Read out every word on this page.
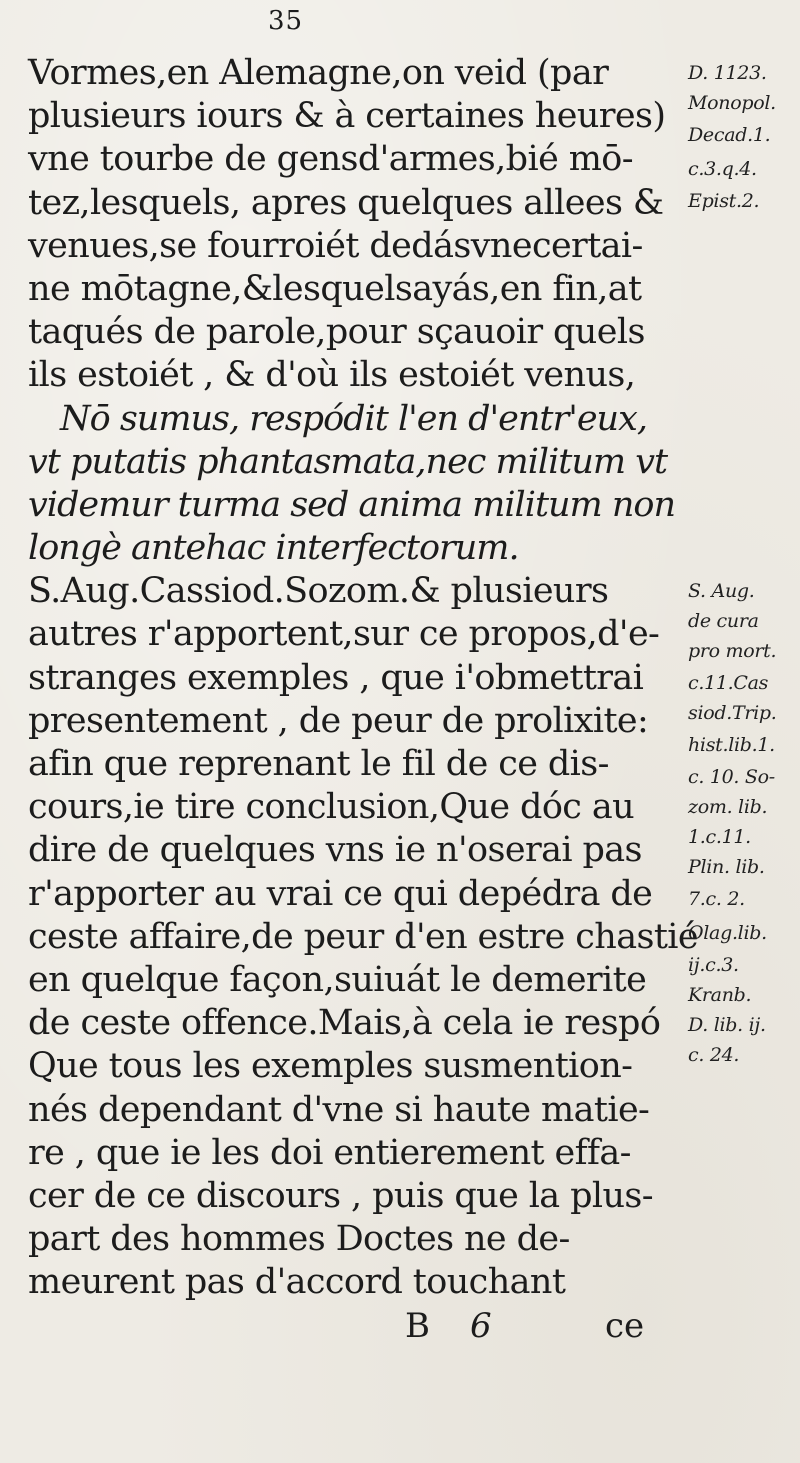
35
Vormes,en Alemagne,on veid (par
plusieurs iours & à certaines heures)
vne tourbe de gensd'armes,bié mō-
tez,lesquels, apres quelques allees &
venues,se fourroiét dedásvnecertai-
ne mōtagne,&lesquelsayás,en fin,at
taqués de parole,pour sçauoir quels
ils estoiét , & d'où ils estoiét venus,
Nō sumus, respódit l'en d'entr'eux,
vt putatis phantasmata,nec militum vt
videmur turma sed anima militum non
longè antehac interfectorum.
S.Aug.Cassiod.Sozom.& plusieurs
autres r'apportent,sur ce propos,d'e-
stranges exemples , que i'obmettrai
presentement , de peur de prolixite:
afin que reprenant le fil de ce dis-
cours,ie tire conclusion,Que dóc au
dire de quelques vns ie n'oserai pas
r'apporter au vrai ce qui depédra de
ceste affaire,de peur d'en estre chastié
en quelque façon,suiuát le demerite
de ceste offence.Mais,à cela ie respó
Que tous les exemples susmention-
nés dependant d'vne si haute matie-
re , que ie les doi entierement effa-
cer de ce discours , puis que la plus-
part des hommes Doctes ne de-
meurent pas d'accord touchant
D. 1123.
Monopol.
Decad.1.
c.3.q.4.
Epist.2.
S. Aug.
de cura
pro mort.
c.11.Cas
siod.Trip.
hist.lib.1.
c. 10. So-
zom. lib.
1.c.11.
Plin. lib.
7.c. 2.
Olag.lib.
ij.c.3.
Kranb.
D. lib. ij.
c. 24.
B 6	ce
